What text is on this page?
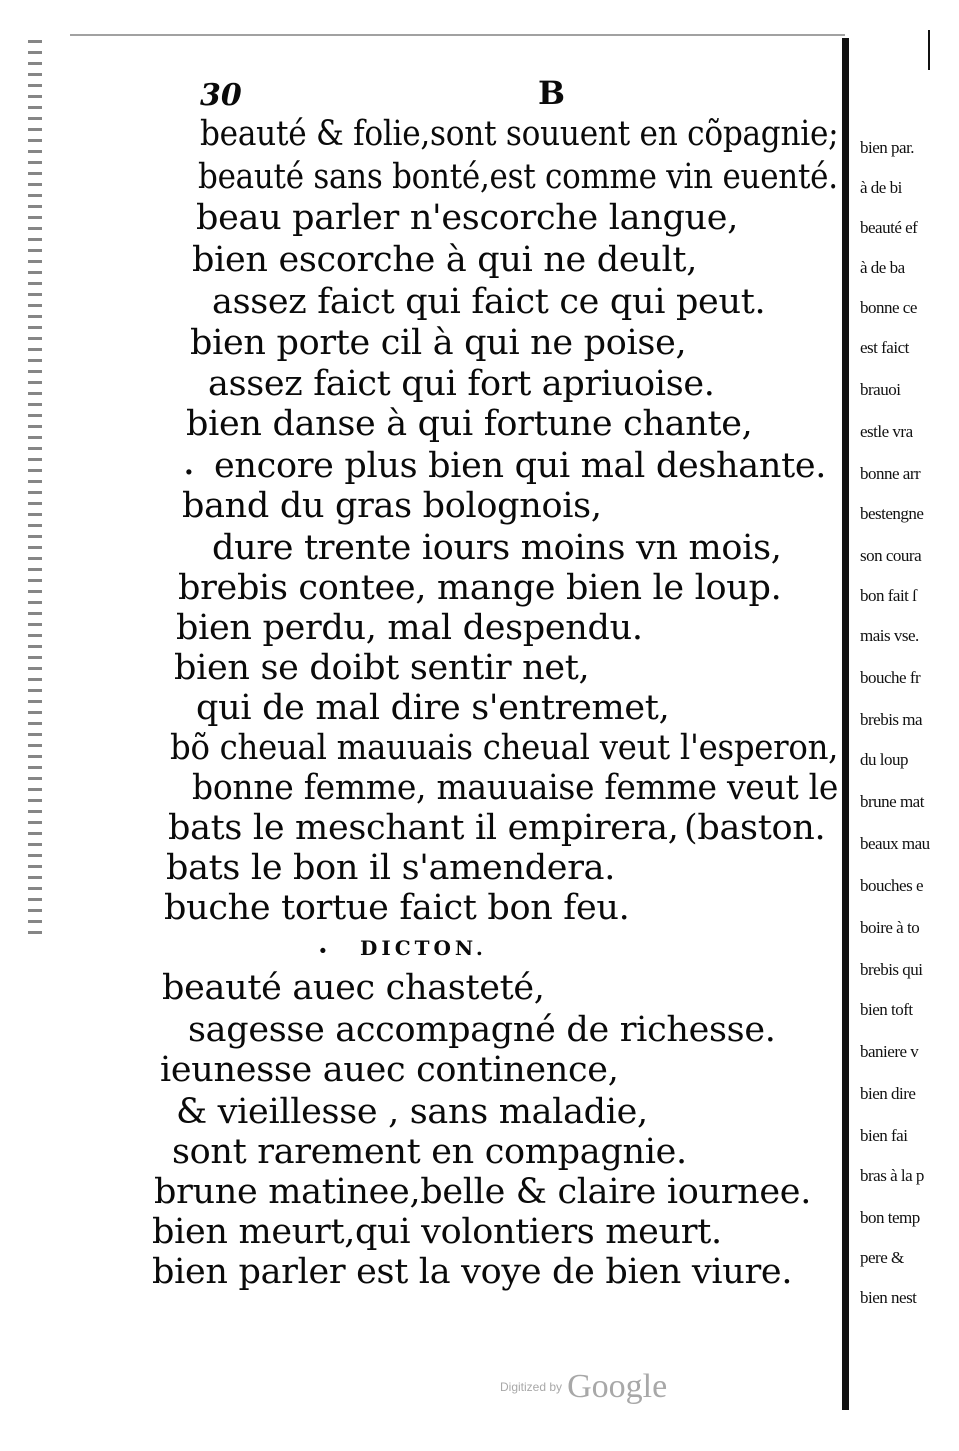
30	B
beauté & folie,sont souuent en cõpagnie;
beauté sans bonté,est comme vin euenté.
beau parler n'escorche langue,
bien escorche à qui ne deult,
assez faict qui faict ce qui peut.
bien porte cil à qui ne poise,
assez faict qui fort apriuoise.
bien danse à qui fortune chante,
. encore plus bien qui mal deshante.
band du gras bolognois,
dure trente iours moins vn mois,
brebis contee, mange bien le loup.
bien perdu, mal despendu.
bien se doibt sentir net,
qui de mal dire s'entremet,
bõ cheual mauuais cheual veut l'esperon,
bonne femme, mauuaise femme veut le
bats le meschant il empirera, (baston.
bats le bon il s'amendera.
buche tortue faict bon feu.
· DICTON.
beauté auec chasteté,
sagesse accompagné de richesse.
ieunesse auec continence,
& vieillesse , sans maladie,
sont rarement en compagnie.
brune matinee,belle & claire iournee.
bien meurt,qui volontiers meurt.
bien parler est la voye de bien viure.
bien par.
à de bi
beauté ef
à de ba
bonne ce
est faict
brauoi
estle vra
bonne arr
bestengne
son coura
bon fait ſ
mais vse.
bouche fr
brebis ma
du loup
brune mat
beaux mau
bouches e
boire à to
brebis qui
bien toft
baniere v
bien dire
bien fai
bras à la p
bon temp
pere &
bien nest
Digitized by Google
